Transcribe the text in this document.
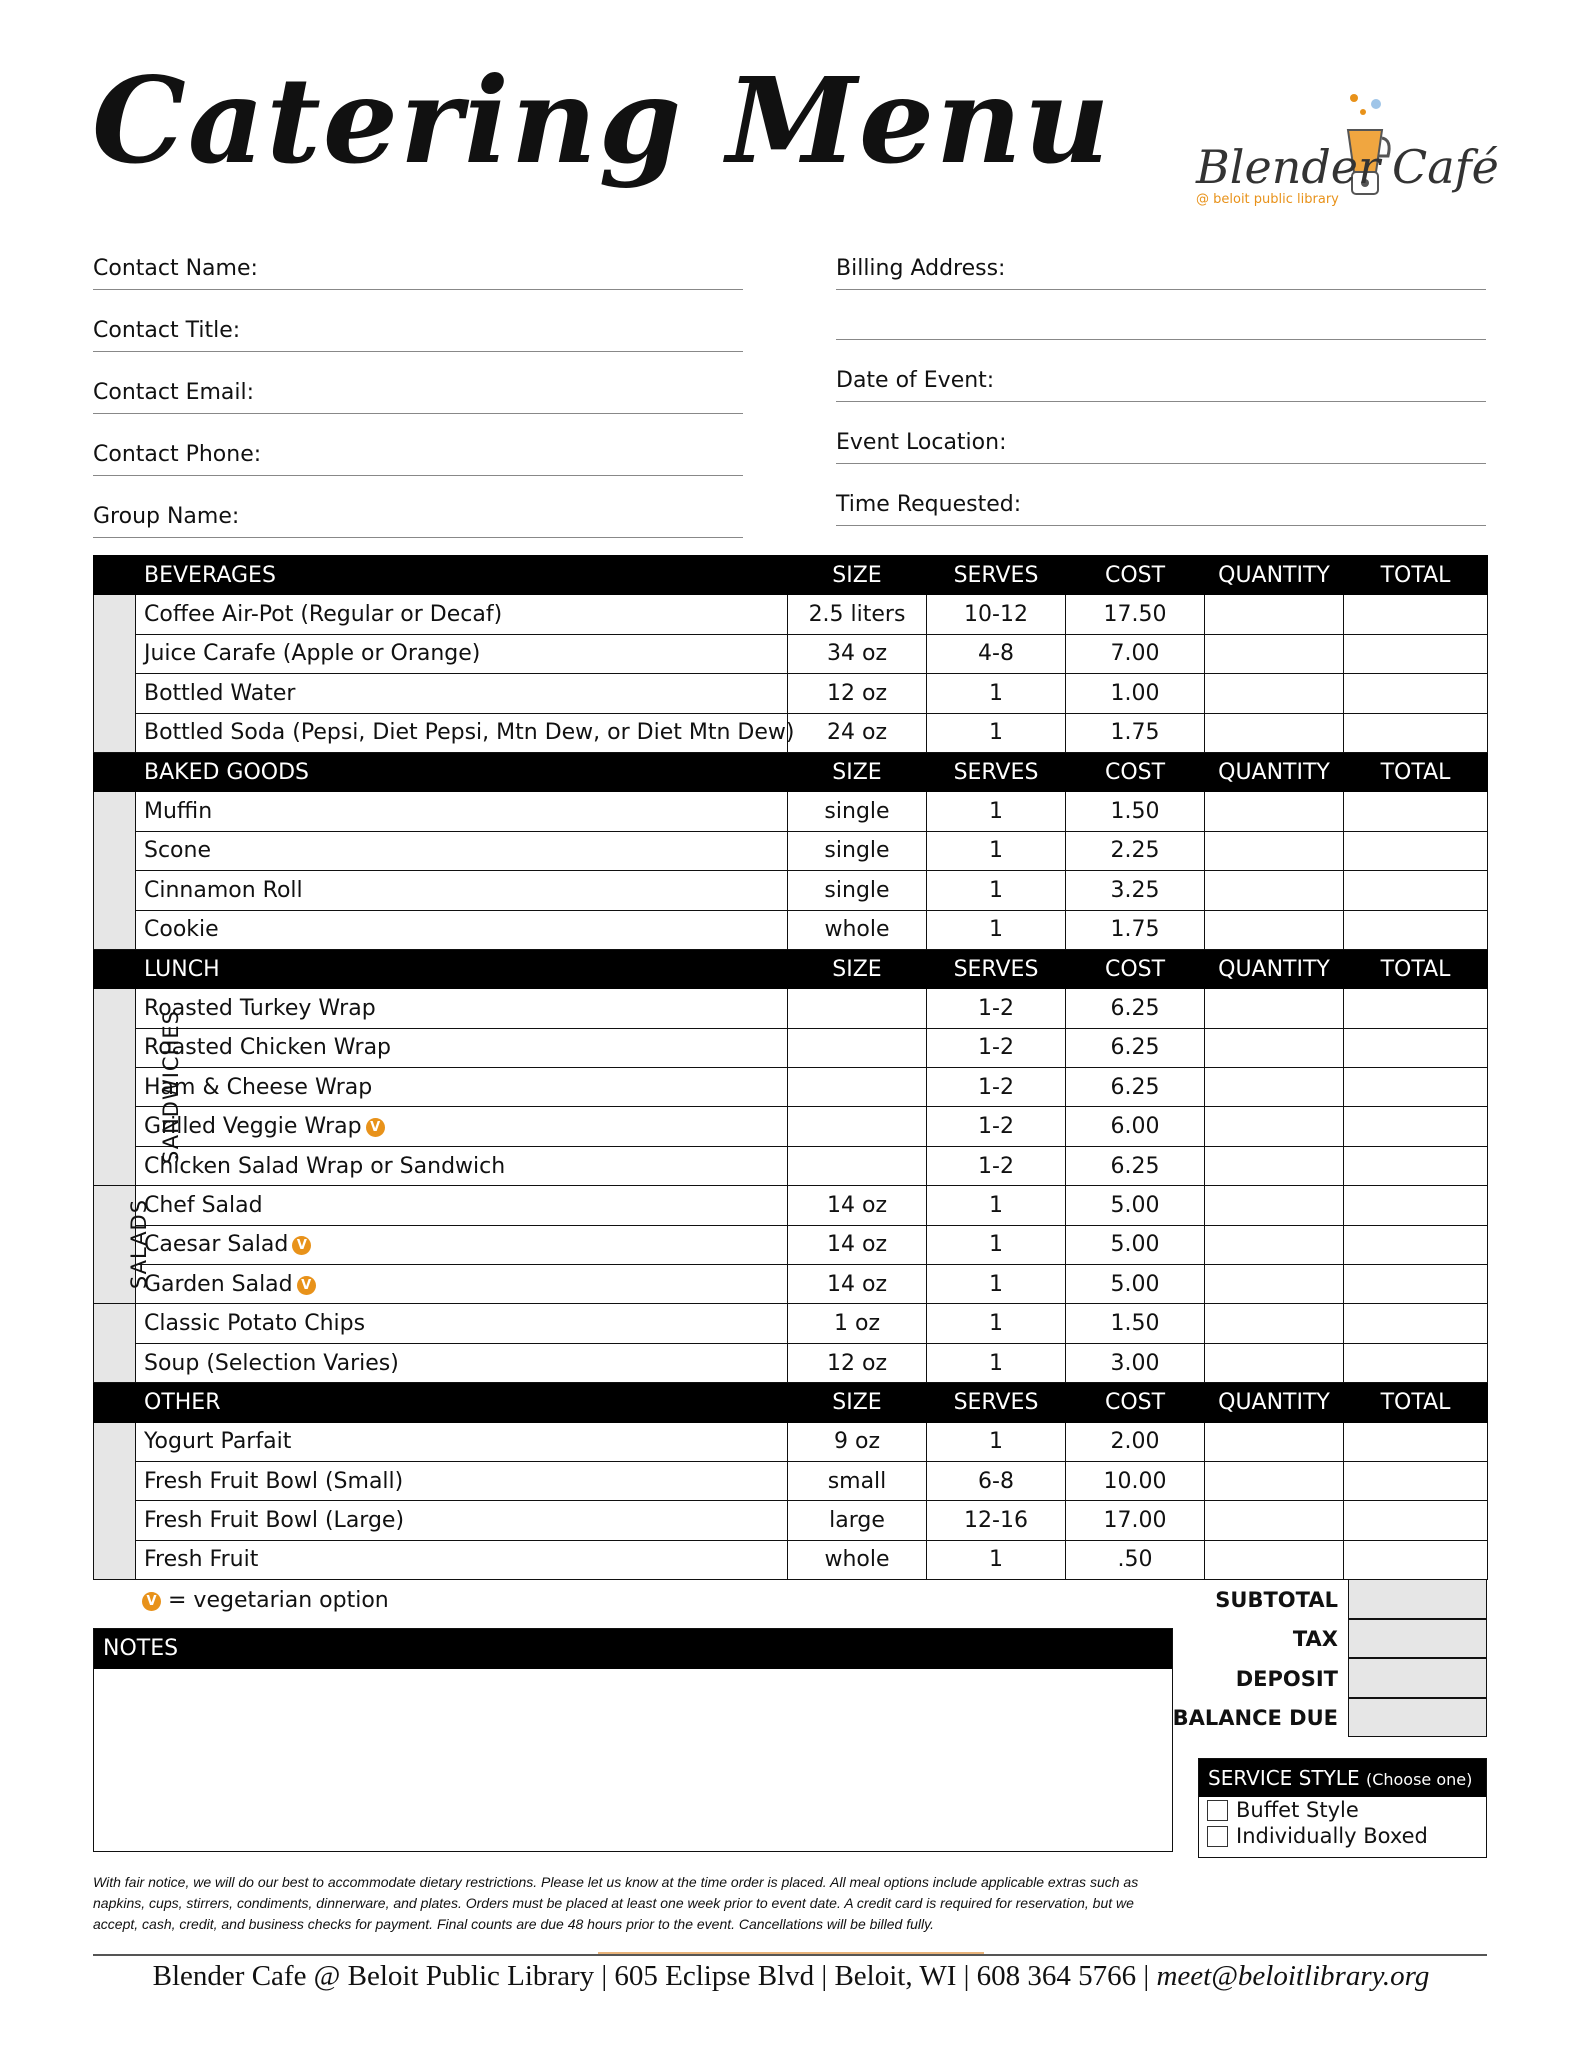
Catering Menu Blender Café
@ beloit public library
Contact Name:
Contact Title:
Contact Email:
Contact Phone:
Group Name:
Billing Address:
Date of Event:
Event Location:
Time Requested:
	BEVERAGES	SIZE	SERVES	COST	QUANTITY	TOTAL
	Coffee Air-Pot (Regular or Decaf)	2.5 liters	10-12	17.50		
	Juice Carafe (Apple or Orange)	34 oz	4-8	7.00		
	Bottled Water	12 oz	1	1.00		
	Bottled Soda (Pepsi, Diet Pepsi, Mtn Dew, or Diet Mtn Dew)	24 oz	1	1.75		
	BAKED GOODS	SIZE	SERVES	COST	QUANTITY	TOTAL
	Muffin	single	1	1.50		
	Scone	single	1	2.25		
	Cinnamon Roll	single	1	3.25		
	Cookie	whole	1	1.75		
	LUNCH	SIZE	SERVES	COST	QUANTITY	TOTAL
SANDWICHES	Roasted Turkey Wrap		1-2	6.25		
	Roasted Chicken Wrap		1-2	6.25		
	Ham & Cheese Wrap		1-2	6.25		
	Grilled Veggie Wrap V		1-2	6.00		
	Chicken Salad Wrap or Sandwich		1-2	6.25		
SALADS	Chef Salad	14 oz	1	5.00		
	Caesar Salad V	14 oz	1	5.00		
	Garden Salad V	14 oz	1	5.00		
	Classic Potato Chips	1 oz	1	1.50		
	Soup (Selection Varies)	12 oz	1	3.00		
	OTHER	SIZE	SERVES	COST	QUANTITY	TOTAL
	Yogurt Parfait	9 oz	1	2.00		
	Fresh Fruit Bowl (Small)	small	6-8	10.00		
	Fresh Fruit Bowl (Large)	large	12-16	17.00		
	Fresh Fruit	whole	1	.50		
V = vegetarian option	SUBTOTAL
TAX
DEPOSIT
BALANCE DUE
NOTES
SERVICE STYLE (Choose one)
Buffet Style
Individually Boxed
With fair notice, we will do our best to accommodate dietary restrictions. Please let us know at the time order is placed. All meal options include applicable extras such as napkins, cups, stirrers, condiments, dinnerware, and plates. Orders must be placed at least one week prior to event date. A credit card is required for reservation, but we accept, cash, credit, and business checks for payment. Final counts are due 48 hours prior to the event. Cancellations will be billed fully.
Blender Cafe @ Beloit Public Library | 605 Eclipse Blvd | Beloit, WI | 608 364 5766 | meet@beloitlibrary.org
